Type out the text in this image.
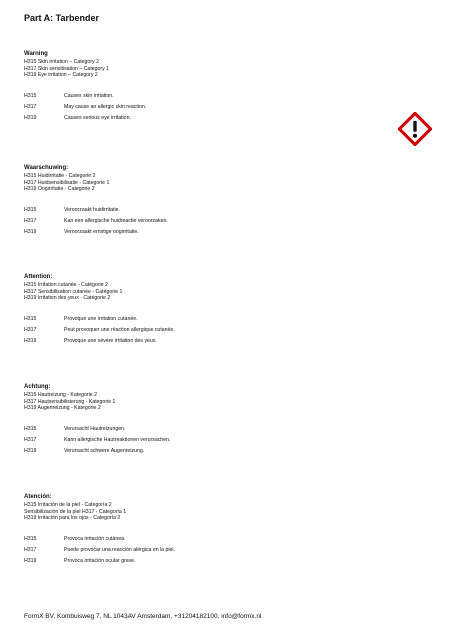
Part A: Tarbender
Warning
H315 Skin irritation – Category 2
H317 Skin sensitisation – Category 1
H319 Eye irritation – Category 2
H315	Causes skin irritation.
H317	May cause an allergic skin reaction.
H319	Causes serious eye irritation.
Waarschuwing:
H315 Huidirritatie - Categorie 2
H317 Huidsensibilisatie - Categorie 1
H319 Oogirritatie - Categorie 2
H315	Veroorzaakt huidirritatie.
H317	Kan een allergische huidreactie veroorzaken.
H319	Veroorzaakt ernstige oogirritatie.
Attention:
H315 Irritation cutanée - Catégorie 2
H317 Sensibilisation cutanée - Catégorie 1
H319 Irritation des yeux - Catégorie 2
H315	Provoque une irritation cutanée.
H317	Peut provoquer une réaction allergique cutanée.
H319	Provoque une sévère irritation des yeux.
Achtung:
H315 Hautreizung - Kategorie 2
H317 Hautsensibilisierung - Kategorie 1
H319 Augenreizung - Kategorie 2
H315	Verursacht Hautreizungen.
H317	Kann allergische Hautreaktionen verursachen.
H319	Verursacht schwere Augenreizung.
Atención:
H315 Irritación de la piel - Categoría 2
Sensibilización de la piel H317 - Categoría 1
H319 Irritación para los ojos - Categoría 2
H315	Provoca irritación cutánea.
H317	Puede provocar una reacción alérgica en la piel.
H319	Provoca irritación ocular grave.
FormX BV, Kombuisweg 7, NL 1043AV Amsterdam, +31204182100, info@formx.nl
